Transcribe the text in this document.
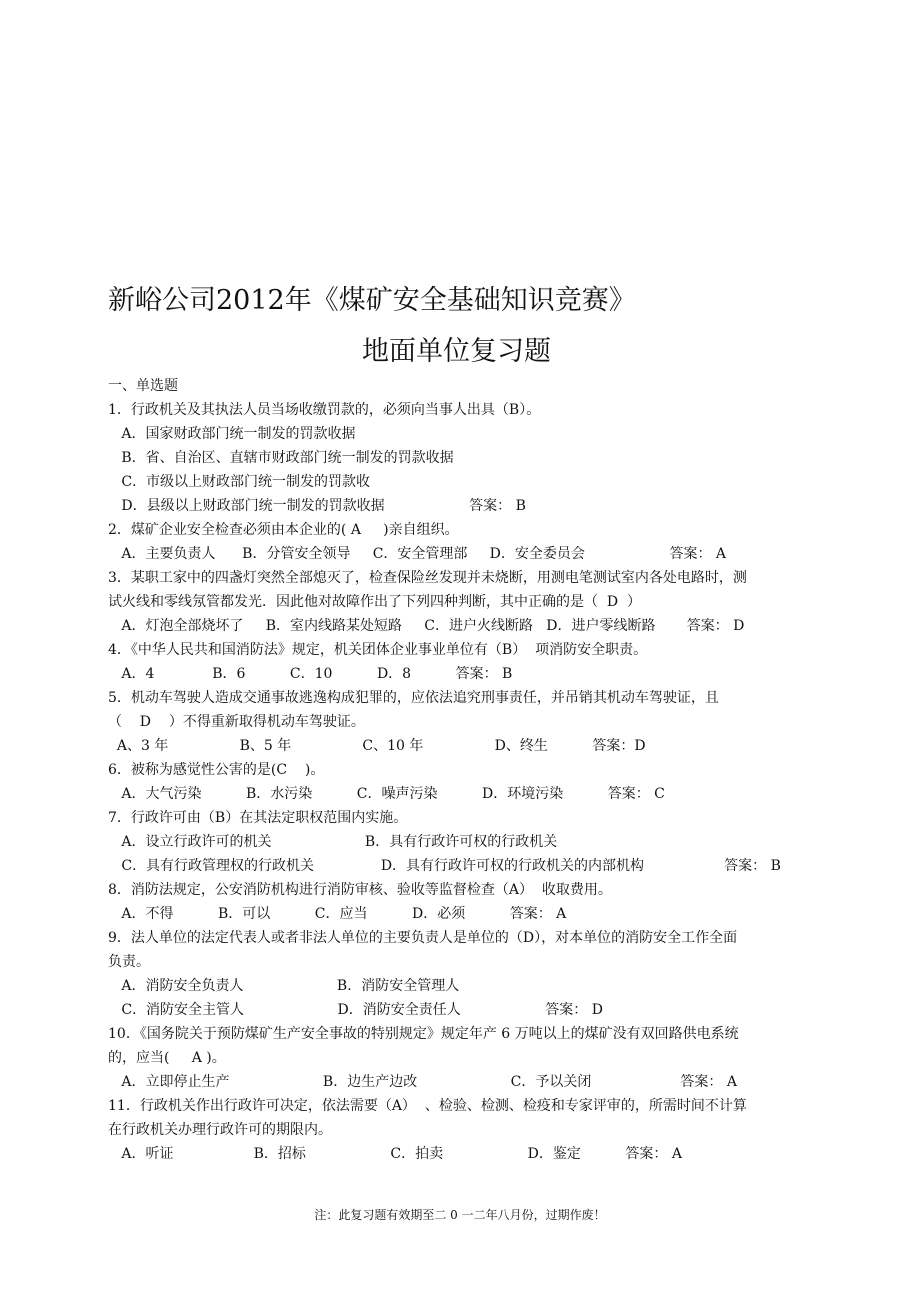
新峪公司2012年《煤矿安全基础知识竞赛》
地面单位复习题
一、单选题
1．行政机关及其执法人员当场收缴罚款的，必须向当事人出具（B）。
A．国家财政部门统一制发的罚款收据
B．省、自治区、直辖市财政部门统一制发的罚款收据
C．市级以上财政部门统一制发的罚款收
D．县级以上财政部门统一制发的罚款收据                   答案： B
2．煤矿企业安全检查必须由本企业的( A     )亲自组织。
A．主要负责人      B．分管安全领导     C．安全管理部     D．安全委员会                   答案： A
3．某职工家中的四盏灯突然全部熄灭了，检查保险丝发现并未烧断，用测电笔测试室内各处电路时，测
试火线和零线氖管都发光．因此他对故障作出了下列四种判断，其中正确的是（  D  ）
A．灯泡全部烧坏了     B．室内线路某处短路     C．进户火线断路   D．进户零线断路       答案： D
4．《中华人民共和国消防法》规定，机关团体企业事业单位有（B）  项消防安全职责。
A．4             B．6          C．10          D．8          答案： B
5．机动车驾驶人造成交通事故逃逸构成犯罪的，应依法追究刑事责任，并吊销其机动车驾驶证，且
（    D    ）不得重新取得机动车驾驶证。
A、3 年                B、5 年                C、10 年                D、终生          答案：D
6．被称为感觉性公害的是(C    )。
A．大气污染          B．水污染          C．噪声污染          D．环境污染          答案： C
7．行政许可由（B）在其法定职权范围内实施。
A．设立行政许可的机关                     B．具有行政许可权的行政机关
C．具有行政管理权的行政机关               D．具有行政许可权的行政机关的内部机构                  答案： B
8．消防法规定，公安消防机构进行消防审核、验收等监督检查（A）  收取费用。
A．不得          B．可以          C．应当          D．必须          答案： A
9．法人单位的法定代表人或者非法人单位的主要负责人是单位的（D），对本单位的消防安全工作全面
负责。
A．消防安全负责人                     B．消防安全管理人
C．消防安全主管人                     D．消防安全责任人                   答案： D
10．《国务院关于预防煤矿生产安全事故的特别规定》规定年产 6 万吨以上的煤矿没有双回路供电系统
的，应当(     A )。
A．立即停止生产                     B．边生产边改                     C．予以关闭                    答案： A
11．行政机关作出行政许可决定，依法需要（A）  、检验、检测、检疫和专家评审的，所需时间不计算
在行政机关办理行政许可的期限内。
A．听证                  B．招标                   C．拍卖                   D．鉴定          答案： A
注：此复习题有效期至二 0 一二年八月份，过期作废！
